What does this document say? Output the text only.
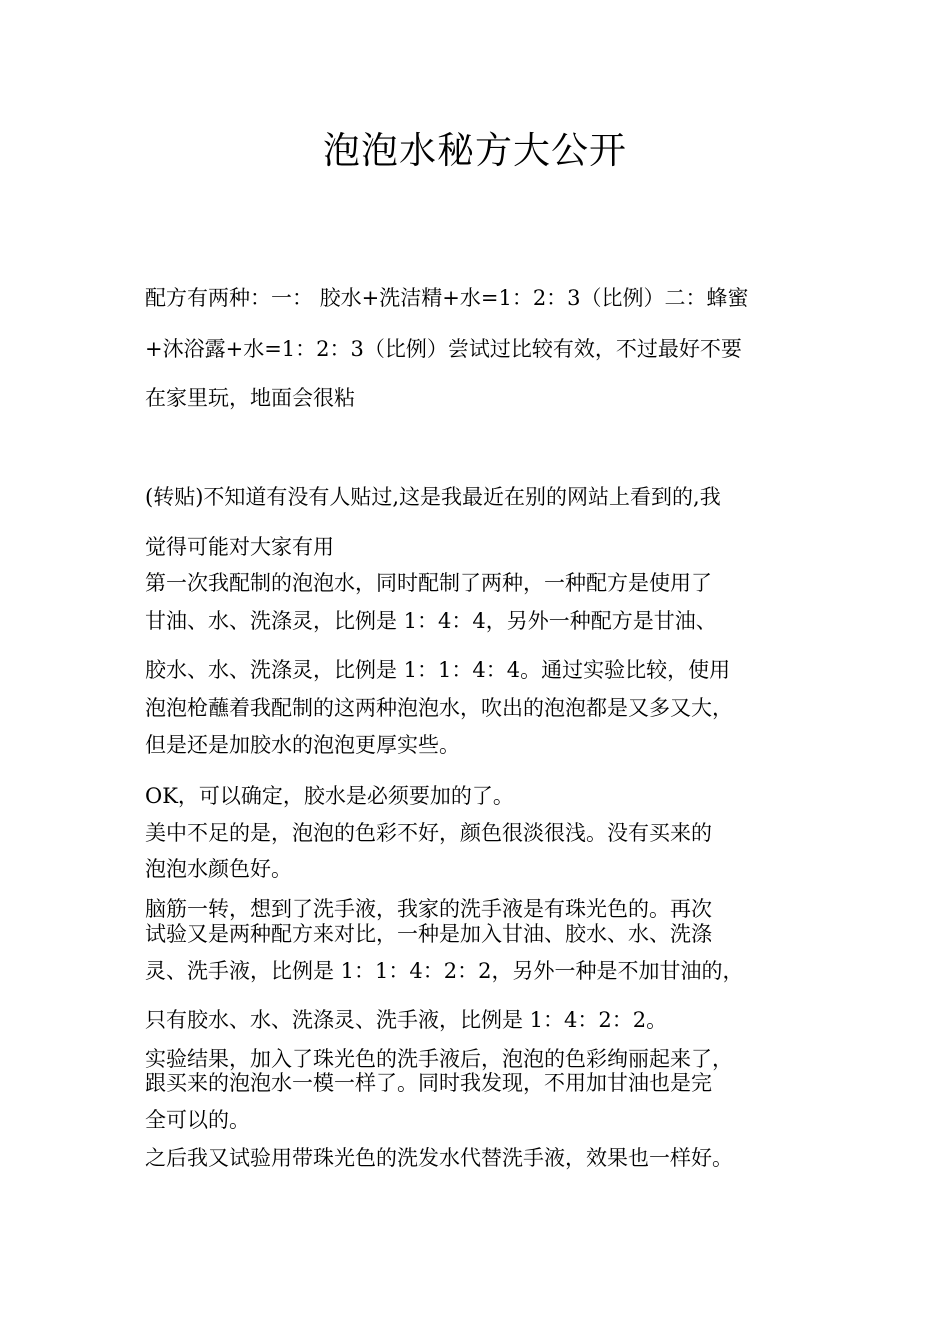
泡泡水秘方大公开
配方有两种：一： 胶水+洗洁精+水=1：2：3（比例）二：蜂蜜
+沐浴露+水=1：2：3（比例）尝试过比较有效，不过最好不要
在家里玩，地面会很粘
(转贴)不知道有没有人贴过,这是我最近在别的网站上看到的,我
觉得可能对大家有用
第一次我配制的泡泡水，同时配制了两种，一种配方是使用了
甘油、水、洗涤灵，比例是 1：4：4，另外一种配方是甘油、
胶水、水、洗涤灵，比例是 1：1：4：4。通过实验比较，使用
泡泡枪蘸着我配制的这两种泡泡水，吹出的泡泡都是又多又大，
但是还是加胶水的泡泡更厚实些。
OK，可以确定，胶水是必须要加的了。
美中不足的是，泡泡的色彩不好，颜色很淡很浅。没有买来的
泡泡水颜色好。
脑筋一转，想到了洗手液，我家的洗手液是有珠光色的。再次
试验又是两种配方来对比，一种是加入甘油、胶水、水、洗涤
灵、洗手液，比例是 1：1：4：2：2，另外一种是不加甘油的，
只有胶水、水、洗涤灵、洗手液，比例是 1：4：2：2。
实验结果，加入了珠光色的洗手液后，泡泡的色彩绚丽起来了，
跟买来的泡泡水一模一样了。同时我发现，不用加甘油也是完
全可以的。
之后我又试验用带珠光色的洗发水代替洗手液，效果也一样好。
